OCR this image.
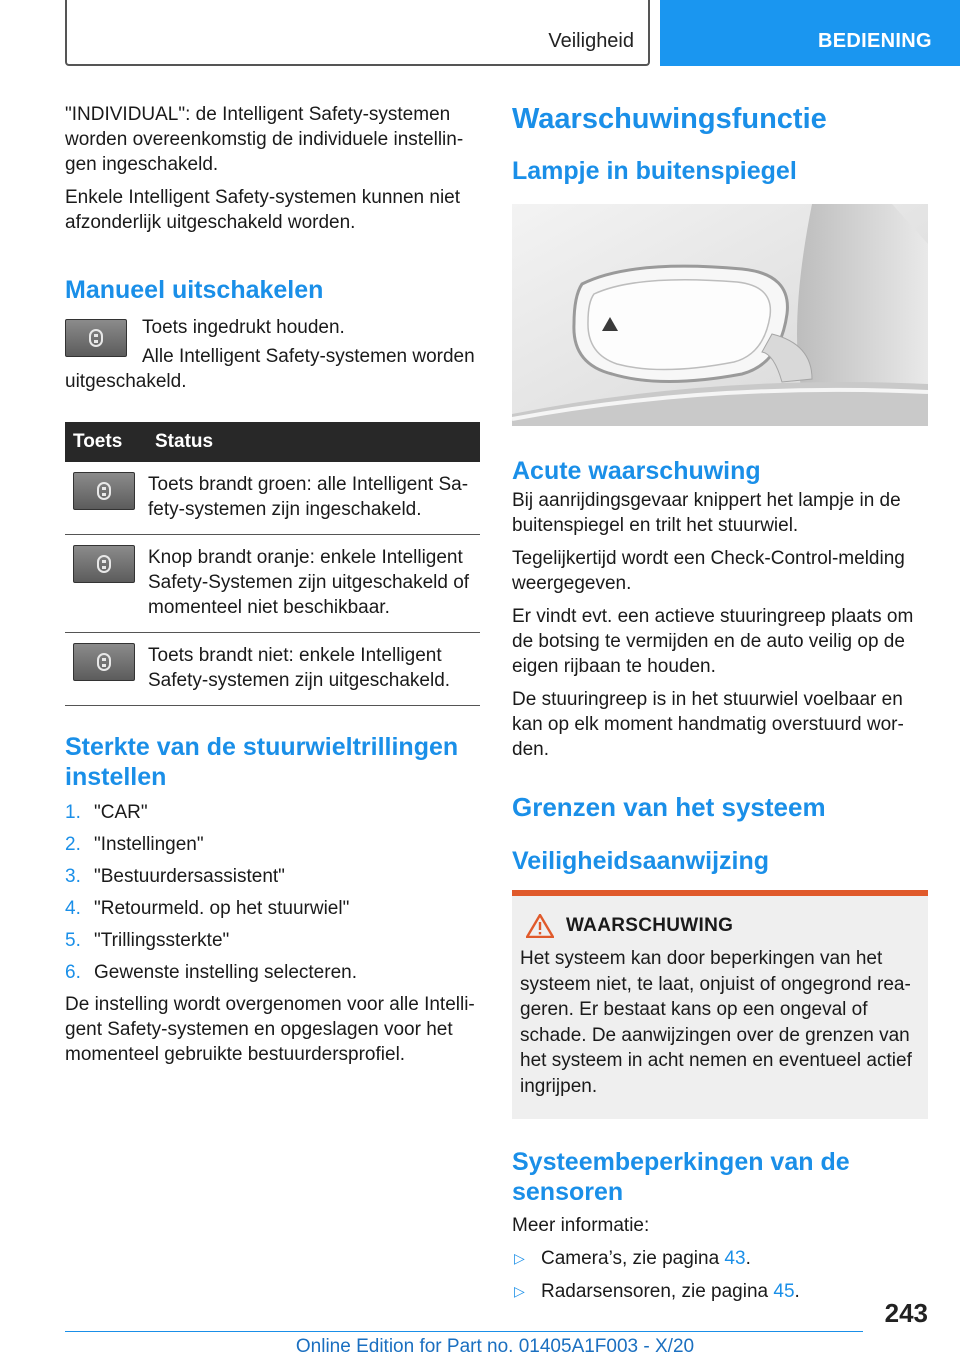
Veiligheid	BEDIENING

"INDIVIDUAL": de Intelligent Safety-systemen worden overeenkomstig de individuele instellin-gen ingeschakeld.

Enkele Intelligent Safety-systemen kunnen niet afzonderlijk uitgeschakeld worden.

Manueel uitschakelen

Toets ingedrukt houden.

Alle Intelligent Safety-systemen worden uitgeschakeld.

Toets	Status

	Toets brandt groen: alle Intelligent Sa-fety-systemen zijn ingeschakeld.

	Knop brandt oranje: enkele Intelligent Safety-Systemen zijn uitgeschakeld of momenteel niet beschikbaar.

	Toets brandt niet: enkele Intelligent Safety-systemen zijn uitgeschakeld.
Sterkte van de stuurwieltrillingen instellen
1. "CAR"
2. "Instellingen"
3. "Bestuurdersassistent"
4. "Retourmeld. op het stuurwiel"
5. "Trillingssterkte"
6. Gewenste instelling selecteren.

De instelling wordt overgenomen voor alle Intelli-gent Safety-systemen en opgeslagen voor het momenteel gebruikte bestuurdersprofiel.

Waarschuwingsfunctie
Lampje in buitenspiegel
Acute waarschuwing

Bij aanrijdingsgevaar knippert het lampje in de buitenspiegel en trilt het stuurwiel.

Tegelijkertijd wordt een Check-Control-melding weergegeven.

Er vindt evt. een actieve stuuringreep plaats om de botsing te vermijden en de auto veilig op de eigen rijbaan te houden.

De stuuringreep is in het stuurwiel voelbaar en kan op elk moment handmatig overstuurd wor-den.

Grenzen van het systeem
Veiligheidsaanwijzing
WAARSCHUWING

Het systeem kan door beperkingen van het systeem niet, te laat, onjuist of ongegrond rea-geren. Er bestaat kans op een ongeval of schade. De aanwijzingen over de grenzen van het systeem in acht nemen en eventueel actief ingrijpen.

Systeembeperkingen van de sensoren

Meer informatie:

▷ Camera’s, zie pagina 43.
▷ Radarsensoren, zie pagina 45.
243
Online Edition for Part no. 01405A1F003 - X/20
